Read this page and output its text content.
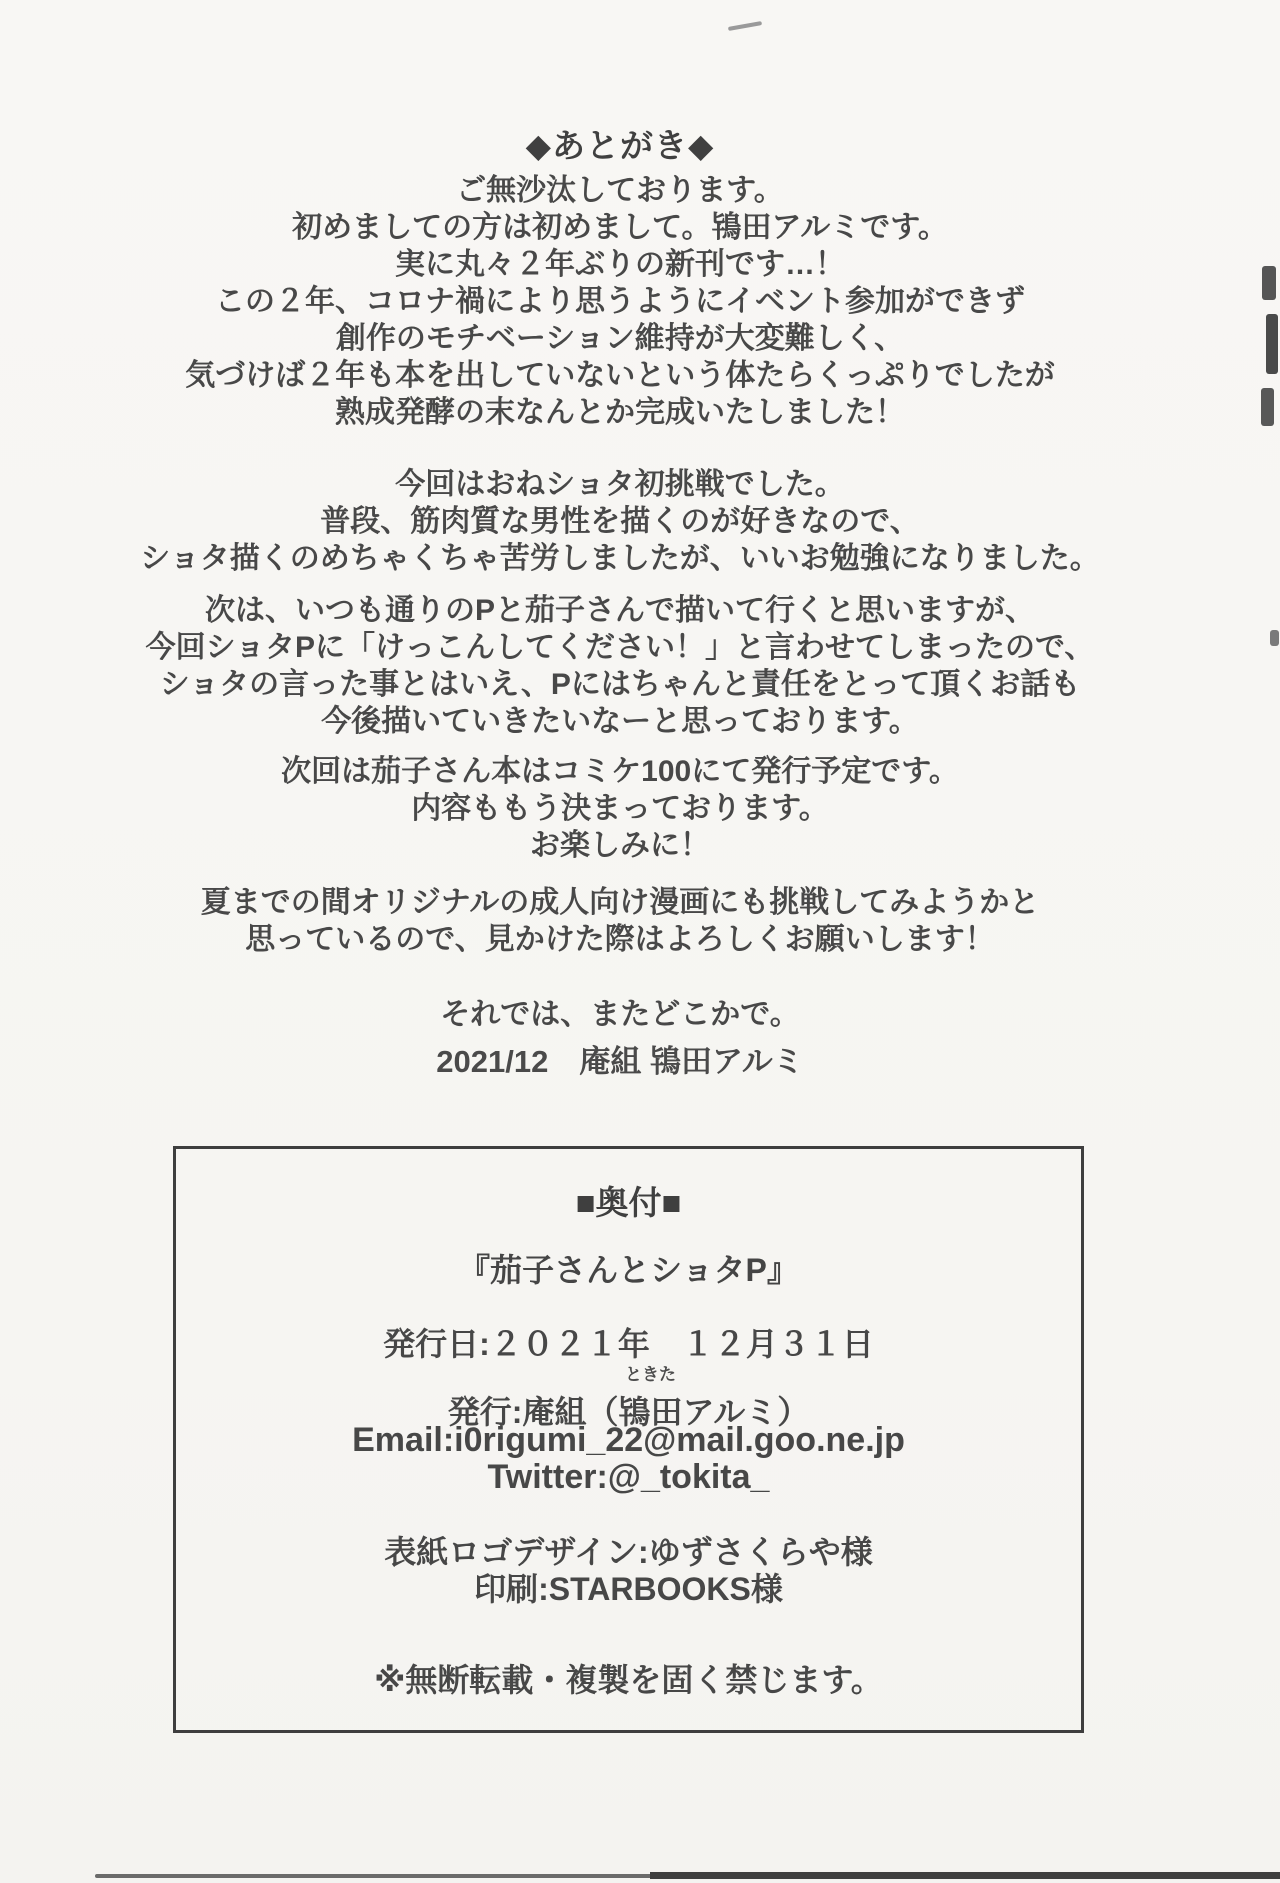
◆あとがき◆
ご無沙汰しております。
初めましての方は初めまして。鴇田アルミです。
実に丸々２年ぶりの新刊です…！
この２年、コロナ禍により思うようにイベント参加ができず
創作のモチベーション維持が大変難しく、
気づけば２年も本を出していないという体たらくっぷりでしたが
熟成発酵の末なんとか完成いたしました！
今回はおねショタ初挑戦でした。
普段、筋肉質な男性を描くのが好きなので、
ショタ描くのめちゃくちゃ苦労しましたが、いいお勉強になりました。
次は、いつも通りのPと茄子さんで描いて行くと思いますが、
今回ショタPに「けっこんしてください！」と言わせてしまったので、
ショタの言った事とはいえ、Pにはちゃんと責任をとって頂くお話も
今後描いていきたいなーと思っております。
次回は茄子さん本はコミケ100にて発行予定です。
内容ももう決まっております。
お楽しみに！
夏までの間オリジナルの成人向け漫画にも挑戦してみようかと
思っているので、見かけた際はよろしくお願いします！
それでは、またどこかで。
2021/12　庵組 鴇田アルミ
■奥付■
『茄子さんとショタP』
発行日:２０２１年　１２月３１日
発行:庵組（鴇田
ときた
アルミ）
Email:i0rigumi_22@mail.goo.ne.jp
Twitter:@_tokita_
表紙ロゴデザイン:ゆずさくらや様
印刷:STARBOOKS様
※無断転載・複製を固く禁じます。
